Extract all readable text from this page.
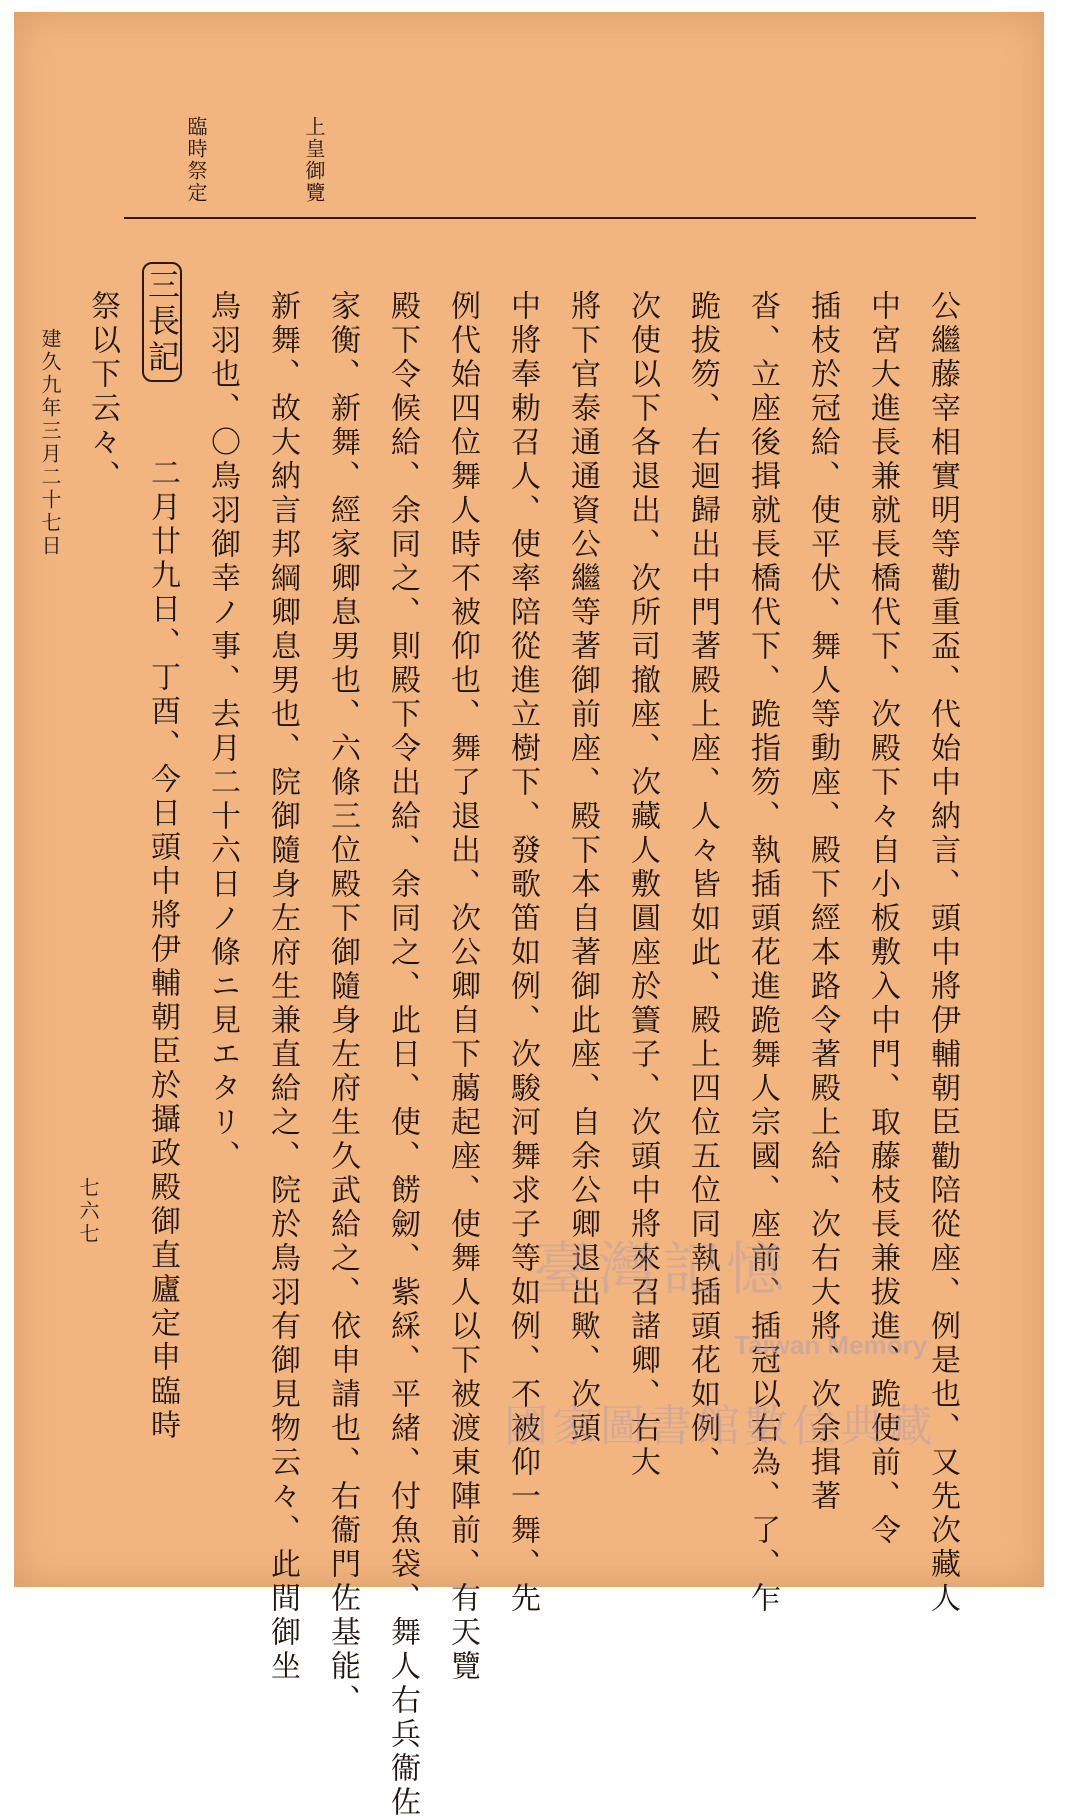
上皇御覽
臨時祭定
公繼藤宰相實明等勸重盃、代始中納言、頭中將伊輔朝臣勸陪從座、例是也、又先次藏人
中宮大進長兼就長橋代下、次殿下々自小板敷入中門、取藤枝長兼拔進、跪使前、令
插枝於冠給、使平伏、舞人等動座、殿下經本路令著殿上給、次右大將、次余揖著
沓、立座後揖就長橋代下、跪指笏、執插頭花進跪舞人宗國、座前、插冠以右為、了、乍
跪拔笏、右迴歸出中門著殿上座、人々皆如此、殿上四位五位同執插頭花如例、
次使以下各退出、次所司撤座、次藏人敷圓座於簀子、次頭中將來召諸卿、右大
將下官泰通通資公繼等著御前座、殿下本自著御此座、自余公卿退出歟、次頭
中將奉勅召人、使率陪從進立樹下、發歌笛如例、次駿河舞求子等如例、不被仰一舞、先
例代始四位舞人時不被仰也、舞了退出、次公卿自下﨟起座、使舞人以下被渡東陣前、有天覽
殿下令候給、余同之、則殿下令出給、余同之、此日、使、餝劒、紫綵、平緒、付魚袋、舞人右兵衞佐
家衡、新舞、經家卿息男也、六條三位殿下御隨身左府生久武給之、依申請也、右衞門佐基能、
新舞、故大納言邦綱卿息男也、院御隨身左府生兼直給之、院於鳥羽有御見物云々、此間御坐
鳥羽也、〇鳥羽御幸ノ事、去月二十六日ノ條ニ見エタリ、
三長記
二月廿九日、丁酉、今日頭中將伊輔朝臣於攝政殿御直廬定申臨時
祭以下云々、
建久九年三月二十七日
七六七
臺灣記憶
Taiwan Memory
國家圖書館數位典藏
